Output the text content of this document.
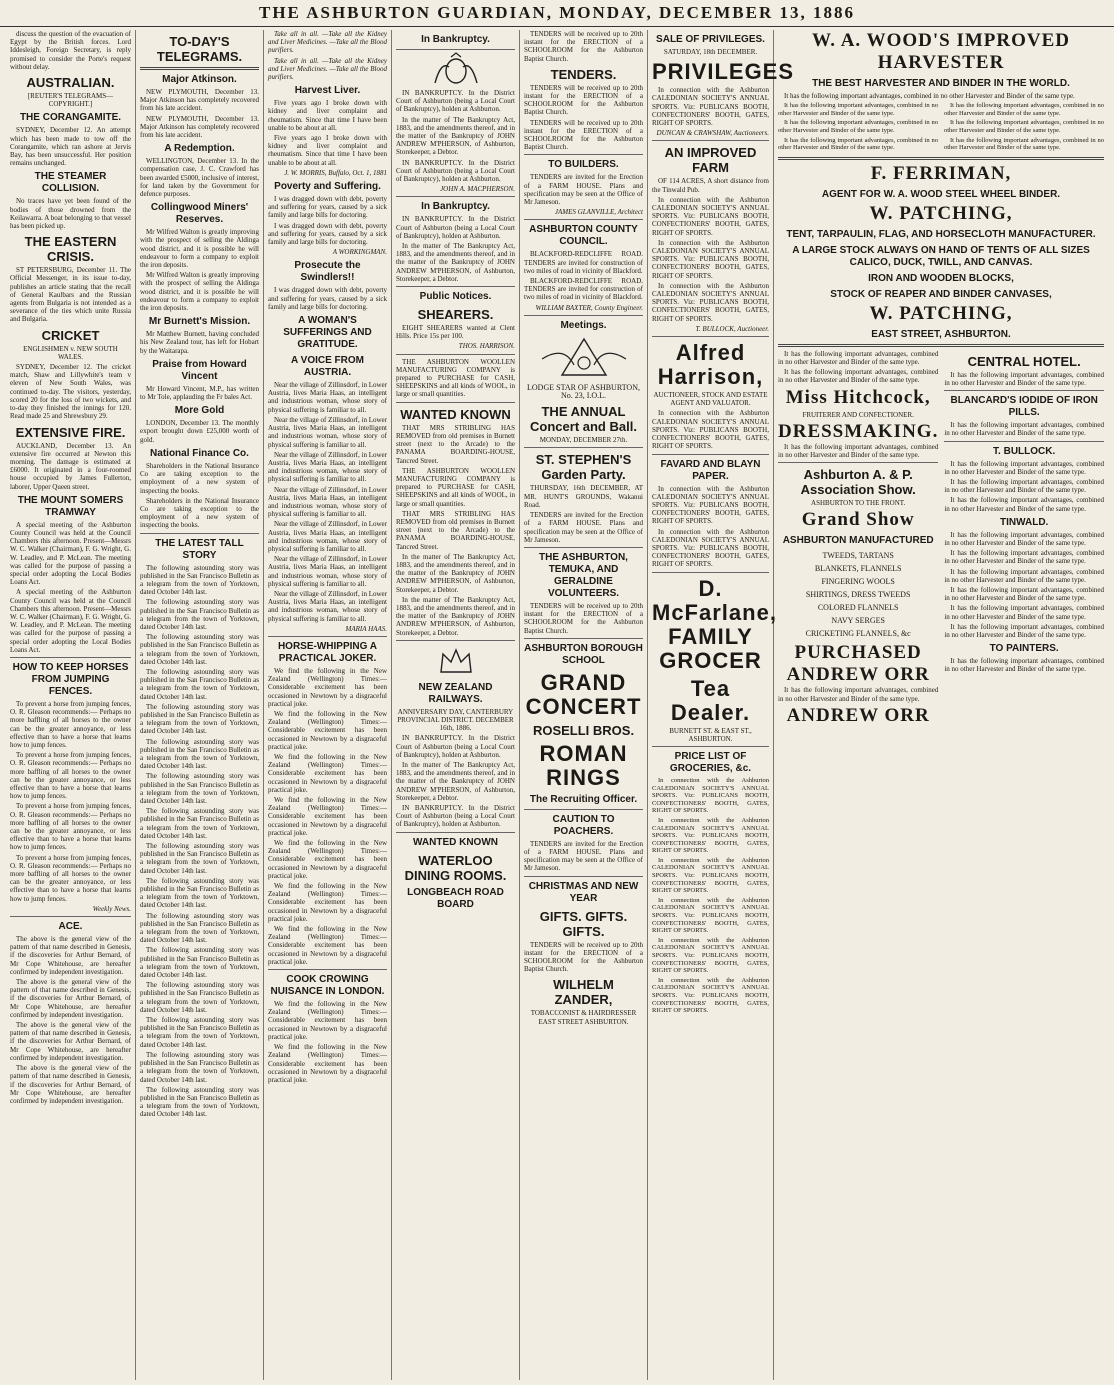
THE ASHBURTON GUARDIAN, MONDAY, DECEMBER 13, 1886

discuss the question of the evacuation of Egypt by the British forces. Lord Iddesleigh, Foreign Secretary, is reply promised to consider the Porte's request without delay.

AUSTRALIAN.
[REUTER'S TELEGRAMS—COPYRIGHT.]
THE CORANGAMITE.

SYDNEY, December 12. An attempt which has been made to tow off the Corangamite, which ran ashore at Jervis Bay, has been unsuccessful. Her position remains unchanged.

THE STEAMER COLLISION.

No traces have yet been found of the bodies of those drowned from the Keilawarra. A boat belonging to that vessel has been picked up.

THE EASTERN CRISIS.

ST PETERSBURG, December 11. The Official Messenger, in its issue to-day, publishes an article stating that the recall of General Kaulbars and the Russian agents from Bulgaria is not intended as a severance of the ties which unite Russia and Bulgaria.

CRICKET
ENGLISHMEN v. NEW SOUTH WALES.

SYDNEY, December 12. The cricket match, Shaw and Lillywhite's team v eleven of New South Wales, was continued to-day. The visitors, yesterday, scored 20 for the loss of two wickets, and to-day they finished the innings for 120. Read made 25 and Shrewsbury 29.

EXTENSIVE FIRE.

AUCKLAND, December 13. An extensive fire occurred at Newton this morning. The damage is estimated at £6000. It originated in a four-roomed house occupied by James Fullerton, laborer, Upper Queen street.

THE MOUNT SOMERS TRAMWAY

A special meeting of the Ashburton County Council was held at the Council Chambers this afternoon. Present—Messrs W. C. Walker (Chairman), F. G. Wright, G. W. Leadley, and P. McLean. The meeting was called for the purpose of passing a special order adopting the Local Bodies Loans Act.

A special meeting of the Ashburton County Council was held at the Council Chambers this afternoon. Present—Messrs W. C. Walker (Chairman), F. G. Wright, G. W. Leadley, and P. McLean. The meeting was called for the purpose of passing a special order adopting the Local Bodies Loans Act.

HOW TO KEEP HORSES FROM JUMPING FENCES.

To prevent a horse from jumping fences, O. R. Gleason recommends:— Perhaps no more baffling of all horses to the owner can be the greater annoyance, or less effective than to have a horse that learns how to jump fences.

To prevent a horse from jumping fences, O. R. Gleason recommends:— Perhaps no more baffling of all horses to the owner can be the greater annoyance, or less effective than to have a horse that learns how to jump fences.

To prevent a horse from jumping fences, O. R. Gleason recommends:— Perhaps no more baffling of all horses to the owner can be the greater annoyance, or less effective than to have a horse that learns how to jump fences.

To prevent a horse from jumping fences, O. R. Gleason recommends:— Perhaps no more baffling of all horses to the owner can be the greater annoyance, or less effective than to have a horse that learns how to jump fences.

Weekly News.
ACE.

The above is the general view of the pattern of that name described in Genesis, if the discoveries for Arthur Bernard, of Mr Cope Whitehouse, are hereafter confirmed by independent investigation.

The above is the general view of the pattern of that name described in Genesis, if the discoveries for Arthur Bernard, of Mr Cope Whitehouse, are hereafter confirmed by independent investigation.

The above is the general view of the pattern of that name described in Genesis, if the discoveries for Arthur Bernard, of Mr Cope Whitehouse, are hereafter confirmed by independent investigation.

The above is the general view of the pattern of that name described in Genesis, if the discoveries for Arthur Bernard, of Mr Cope Whitehouse, are hereafter confirmed by independent investigation.

TO-DAY'S TELEGRAMS.
Major Atkinson.

NEW PLYMOUTH, December 13. Major Atkinson has completely recovered from his late accident.

NEW PLYMOUTH, December 13. Major Atkinson has completely recovered from his late accident.

A Redemption.

WELLINGTON, December 13. In the compensation case, J. C. Crawford has been awarded £5000, inclusive of interest, for land taken by the Government for defence purposes.

Collingwood Miners' Reserves.

Mr Wilfred Walton is greatly improving with the prospect of selling the Aldinga wood district, and it is possible he will endeavour to form a company to exploit the iron deposits.

Mr Wilfred Walton is greatly improving with the prospect of selling the Aldinga wood district, and it is possible he will endeavour to form a company to exploit the iron deposits.

Mr Burnett's Mission.

Mr Matthew Burnett, having concluded his New Zealand tour, has left for Hobart by the Waitarapa.

Praise from Howard Vincent

Mr Howard Vincent, M.P., has written to Mr Tole, applauding the Fr bales Act.

More Gold

LONDON, December 13. The monthly export brought down £25,000 worth of gold.

National Finance Co.

Shareholders in the National Insurance Co are taking exception to the employment of a new system of inspecting the books.

Shareholders in the National Insurance Co are taking exception to the employment of a new system of inspecting the books.

THE LATEST TALL STORY

The following astounding story was published in the San Francisco Bulletin as a telegram from the town of Yorktown, dated October 14th last.

The following astounding story was published in the San Francisco Bulletin as a telegram from the town of Yorktown, dated October 14th last.

The following astounding story was published in the San Francisco Bulletin as a telegram from the town of Yorktown, dated October 14th last.

The following astounding story was published in the San Francisco Bulletin as a telegram from the town of Yorktown, dated October 14th last.

The following astounding story was published in the San Francisco Bulletin as a telegram from the town of Yorktown, dated October 14th last.

The following astounding story was published in the San Francisco Bulletin as a telegram from the town of Yorktown, dated October 14th last.

The following astounding story was published in the San Francisco Bulletin as a telegram from the town of Yorktown, dated October 14th last.

The following astounding story was published in the San Francisco Bulletin as a telegram from the town of Yorktown, dated October 14th last.

The following astounding story was published in the San Francisco Bulletin as a telegram from the town of Yorktown, dated October 14th last.

The following astounding story was published in the San Francisco Bulletin as a telegram from the town of Yorktown, dated October 14th last.

The following astounding story was published in the San Francisco Bulletin as a telegram from the town of Yorktown, dated October 14th last.

The following astounding story was published in the San Francisco Bulletin as a telegram from the town of Yorktown, dated October 14th last.

The following astounding story was published in the San Francisco Bulletin as a telegram from the town of Yorktown, dated October 14th last.

The following astounding story was published in the San Francisco Bulletin as a telegram from the town of Yorktown, dated October 14th last.

The following astounding story was published in the San Francisco Bulletin as a telegram from the town of Yorktown, dated October 14th last.

The following astounding story was published in the San Francisco Bulletin as a telegram from the town of Yorktown, dated October 14th last.

Take all in all. —Take all the Kidney and Liver Medicines. —Take all the Blood purifiers.

Take all in all. —Take all the Kidney and Liver Medicines. —Take all the Blood purifiers.

Harvest Liver.

Five years ago I broke down with kidney and liver complaint and rheumatism. Since that time I have been unable to be about at all.

Five years ago I broke down with kidney and liver complaint and rheumatism. Since that time I have been unable to be about at all.

J. W. MORRIS, Buffalo, Oct. 1, 1881
Poverty and Suffering.

I was dragged down with debt, poverty and suffering for years, caused by a sick family and large bills for doctoring.

I was dragged down with debt, poverty and suffering for years, caused by a sick family and large bills for doctoring.

A WORKINGMAN.
Prosecute the Swindlers!!

I was dragged down with debt, poverty and suffering for years, caused by a sick family and large bills for doctoring.

A WOMAN'S SUFFERINGS AND GRATITUDE.
A VOICE FROM AUSTRIA.

Near the village of Zillinsdorf, in Lower Austria, lives Maria Haas, an intelligent and industrious woman, whose story of physical suffering is familiar to all.

Near the village of Zillinsdorf, in Lower Austria, lives Maria Haas, an intelligent and industrious woman, whose story of physical suffering is familiar to all.

Near the village of Zillinsdorf, in Lower Austria, lives Maria Haas, an intelligent and industrious woman, whose story of physical suffering is familiar to all.

Near the village of Zillinsdorf, in Lower Austria, lives Maria Haas, an intelligent and industrious woman, whose story of physical suffering is familiar to all.

Near the village of Zillinsdorf, in Lower Austria, lives Maria Haas, an intelligent and industrious woman, whose story of physical suffering is familiar to all.

Near the village of Zillinsdorf, in Lower Austria, lives Maria Haas, an intelligent and industrious woman, whose story of physical suffering is familiar to all.

Near the village of Zillinsdorf, in Lower Austria, lives Maria Haas, an intelligent and industrious woman, whose story of physical suffering is familiar to all.

MARIA HAAS.
HORSE-WHIPPING A PRACTICAL JOKER.

We find the following in the New Zealand (Wellington) Times:—Considerable excitement has been occasioned in Newtown by a disgraceful practical joke.

We find the following in the New Zealand (Wellington) Times:—Considerable excitement has been occasioned in Newtown by a disgraceful practical joke.

We find the following in the New Zealand (Wellington) Times:—Considerable excitement has been occasioned in Newtown by a disgraceful practical joke.

We find the following in the New Zealand (Wellington) Times:—Considerable excitement has been occasioned in Newtown by a disgraceful practical joke.

We find the following in the New Zealand (Wellington) Times:—Considerable excitement has been occasioned in Newtown by a disgraceful practical joke.

We find the following in the New Zealand (Wellington) Times:—Considerable excitement has been occasioned in Newtown by a disgraceful practical joke.

We find the following in the New Zealand (Wellington) Times:—Considerable excitement has been occasioned in Newtown by a disgraceful practical joke.

COOK CROWING NUISANCE IN LONDON.

We find the following in the New Zealand (Wellington) Times:—Considerable excitement has been occasioned in Newtown by a disgraceful practical joke.

We find the following in the New Zealand (Wellington) Times:—Considerable excitement has been occasioned in Newtown by a disgraceful practical joke.

In Bankruptcy.

IN BANKRUPTCY. In the District Court of Ashburton (being a Local Court of Bankruptcy), holden at Ashburton.

In the matter of The Bankruptcy Act, 1883, and the amendments thereof, and in the matter of the Bankruptcy of JOHN ANDREW M'PHERSON, of Ashburton, Storekeeper, a Debtor.

IN BANKRUPTCY. In the District Court of Ashburton (being a Local Court of Bankruptcy), holden at Ashburton.

JOHN A. MACPHERSON.
In Bankruptcy.

IN BANKRUPTCY. In the District Court of Ashburton (being a Local Court of Bankruptcy), holden at Ashburton.

In the matter of The Bankruptcy Act, 1883, and the amendments thereof, and in the matter of the Bankruptcy of JOHN ANDREW M'PHERSON, of Ashburton, Storekeeper, a Debtor.

Public Notices.
SHEARERS.

EIGHT SHEARERS wanted at Clent Hills. Price 15s per 100.

THOS. HARRISON.

THE ASHBURTON WOOLLEN MANUFACTURING COMPANY is prepared to PURCHASE for CASH, SHEEPSKINS and all kinds of WOOL, in large or small quantities.

WANTED KNOWN

THAT MRS STRIBLING HAS REMOVED from old premises in Burnett street (next to the Arcade) to the PANAMA BOARDING-HOUSE, Tancred Street.

THE ASHBURTON WOOLLEN MANUFACTURING COMPANY is prepared to PURCHASE for CASH, SHEEPSKINS and all kinds of WOOL, in large or small quantities.

THAT MRS STRIBLING HAS REMOVED from old premises in Burnett street (next to the Arcade) to the PANAMA BOARDING-HOUSE, Tancred Street.

In the matter of The Bankruptcy Act, 1883, and the amendments thereof, and in the matter of the Bankruptcy of JOHN ANDREW M'PHERSON, of Ashburton, Storekeeper, a Debtor.

In the matter of The Bankruptcy Act, 1883, and the amendments thereof, and in the matter of the Bankruptcy of JOHN ANDREW M'PHERSON, of Ashburton, Storekeeper, a Debtor.

NEW ZEALAND RAILWAYS.
ANNIVERSARY DAY, CANTERBURY PROVINCIAL DISTRICT. DECEMBER 16th, 1886.

IN BANKRUPTCY. In the District Court of Ashburton (being a Local Court of Bankruptcy), holden at Ashburton.

In the matter of The Bankruptcy Act, 1883, and the amendments thereof, and in the matter of the Bankruptcy of JOHN ANDREW M'PHERSON, of Ashburton, Storekeeper, a Debtor.

IN BANKRUPTCY. In the District Court of Ashburton (being a Local Court of Bankruptcy), holden at Ashburton.

WANTED KNOWN
WATERLOO DINING ROOMS.
LONGBEACH ROAD BOARD

TENDERS will be received up to 20th instant for the ERECTION of a SCHOOLROOM for the Ashburton Baptist Church.

TENDERS.

TENDERS will be received up to 20th instant for the ERECTION of a SCHOOLROOM for the Ashburton Baptist Church.

TENDERS will be received up to 20th instant for the ERECTION of a SCHOOLROOM for the Ashburton Baptist Church.

TO BUILDERS.

TENDERS are invited for the Erection of a FARM HOUSE. Plans and specification may be seen at the Office of Mr Jameson.

JAMES GLANVILLE, Architect
ASHBURTON COUNTY COUNCIL.

BLACKFORD-REDCLIFFE ROAD. TENDERS are invited for construction of two miles of road in vicinity of Blackford.

BLACKFORD-REDCLIFFE ROAD. TENDERS are invited for construction of two miles of road in vicinity of Blackford.

WILLIAM BAXTER, County Engineer.
Meetings.
LODGE STAR OF ASHBURTON, No. 23, I.O.L.
THE ANNUAL Concert and Ball.
MONDAY, DECEMBER 27th.
ST. STEPHEN'S Garden Party.

THURSDAY, 16th DECEMBER, AT MR. HUNT'S GROUNDS, Wakanui Road.

TENDERS are invited for the Erection of a FARM HOUSE. Plans and specification may be seen at the Office of Mr Jameson.

THE ASHBURTON, TEMUKA, AND GERALDINE VOLUNTEERS.

TENDERS will be received up to 20th instant for the ERECTION of a SCHOOLROOM for the Ashburton Baptist Church.

ASHBURTON BOROUGH SCHOOL
GRAND CONCERT
ROSELLI BROS.
ROMAN RINGS
The Recruiting Officer.
CAUTION TO POACHERS.

TENDERS are invited for the Erection of a FARM HOUSE. Plans and specification may be seen at the Office of Mr Jameson.

CHRISTMAS AND NEW YEAR
GIFTS. GIFTS. GIFTS.

TENDERS will be received up to 20th instant for the ERECTION of a SCHOOLROOM for the Ashburton Baptist Church.

WILHELM ZANDER,
TOBACCONIST & HAIRDRESSER EAST STREET ASHBURTON.
SALE OF PRIVILEGES.
SATURDAY, 18th DECEMBER.
PRIVILEGES

In connection with the Ashburton CALEDONIAN SOCIETY'S ANNUAL SPORTS. Viz: PUBLICANS BOOTH, CONFECTIONERS' BOOTH, GATES, RIGHT OF SPORTS.

DUNCAN & CRAWSHAW, Auctioneers.
AN IMPROVED FARM

OF 114 ACRES, A short distance from the Tinwald Pub.

In connection with the Ashburton CALEDONIAN SOCIETY'S ANNUAL SPORTS. Viz: PUBLICANS BOOTH, CONFECTIONERS' BOOTH, GATES, RIGHT OF SPORTS.

In connection with the Ashburton CALEDONIAN SOCIETY'S ANNUAL SPORTS. Viz: PUBLICANS BOOTH, CONFECTIONERS' BOOTH, GATES, RIGHT OF SPORTS.

In connection with the Ashburton CALEDONIAN SOCIETY'S ANNUAL SPORTS. Viz: PUBLICANS BOOTH, CONFECTIONERS' BOOTH, GATES, RIGHT OF SPORTS.

T. BULLOCK, Auctioneer.
Alfred Harrison,
AUCTIONEER, STOCK AND ESTATE AGENT AND VALUATOR.

In connection with the Ashburton CALEDONIAN SOCIETY'S ANNUAL SPORTS. Viz: PUBLICANS BOOTH, CONFECTIONERS' BOOTH, GATES, RIGHT OF SPORTS.

FAVARD AND BLAYN PAPER.

In connection with the Ashburton CALEDONIAN SOCIETY'S ANNUAL SPORTS. Viz: PUBLICANS BOOTH, CONFECTIONERS' BOOTH, GATES, RIGHT OF SPORTS.

In connection with the Ashburton CALEDONIAN SOCIETY'S ANNUAL SPORTS. Viz: PUBLICANS BOOTH, CONFECTIONERS' BOOTH, GATES, RIGHT OF SPORTS.

D. McFarlane, FAMILY GROCER
Tea Dealer.
BURNETT ST. & EAST ST., ASHBURTON.
PRICE LIST OF GROCERIES, &c.

In connection with the Ashburton CALEDONIAN SOCIETY'S ANNUAL SPORTS. Viz: PUBLICANS BOOTH, CONFECTIONERS' BOOTH, GATES, RIGHT OF SPORTS.

In connection with the Ashburton CALEDONIAN SOCIETY'S ANNUAL SPORTS. Viz: PUBLICANS BOOTH, CONFECTIONERS' BOOTH, GATES, RIGHT OF SPORTS.

In connection with the Ashburton CALEDONIAN SOCIETY'S ANNUAL SPORTS. Viz: PUBLICANS BOOTH, CONFECTIONERS' BOOTH, GATES, RIGHT OF SPORTS.

In connection with the Ashburton CALEDONIAN SOCIETY'S ANNUAL SPORTS. Viz: PUBLICANS BOOTH, CONFECTIONERS' BOOTH, GATES, RIGHT OF SPORTS.

In connection with the Ashburton CALEDONIAN SOCIETY'S ANNUAL SPORTS. Viz: PUBLICANS BOOTH, CONFECTIONERS' BOOTH, GATES, RIGHT OF SPORTS.

In connection with the Ashburton CALEDONIAN SOCIETY'S ANNUAL SPORTS. Viz: PUBLICANS BOOTH, CONFECTIONERS' BOOTH, GATES, RIGHT OF SPORTS.

W. A. WOOD'S IMPROVED HARVESTER
THE BEST HARVESTER AND BINDER IN THE WORLD.

It has the following important advantages, combined in no other Harvester and Binder of the same type.

It has the following important advantages, combined in no other Harvester and Binder of the same type.

It has the following important advantages, combined in no other Harvester and Binder of the same type.

It has the following important advantages, combined in no other Harvester and Binder of the same type.

It has the following important advantages, combined in no other Harvester and Binder of the same type.

It has the following important advantages, combined in no other Harvester and Binder of the same type.

It has the following important advantages, combined in no other Harvester and Binder of the same type.

F. FERRIMAN,
AGENT FOR W. A. WOOD STEEL WHEEL BINDER.
W. PATCHING,
TENT, TARPAULIN, FLAG, AND HORSECLOTH MANUFACTURER.
A LARGE STOCK ALWAYS ON HAND OF TENTS OF ALL SIZES CALICO, DUCK, TWILL, AND CANVAS.
IRON AND WOODEN BLOCKS,
STOCK OF REAPER AND BINDER CANVASES,
W. PATCHING,
EAST STREET, ASHBURTON.

It has the following important advantages, combined in no other Harvester and Binder of the same type.

It has the following important advantages, combined in no other Harvester and Binder of the same type.

Miss Hitchcock,
FRUITERER AND CONFECTIONER.
DRESSMAKING.

It has the following important advantages, combined in no other Harvester and Binder of the same type.

Ashburton A. & P. Association Show.
ASHBURTON TO THE FRONT.
Grand Show
ASHBURTON MANUFACTURED
TWEEDS, TARTANS
BLANKETS, FLANNELS
FINGERING WOOLS
SHIRTINGS, DRESS TWEEDS
COLORED FLANNELS
NAVY SERGES
CRICKETING FLANNELS, &c
PURCHASED
ANDREW ORR

It has the following important advantages, combined in no other Harvester and Binder of the same type.

ANDREW ORR
CENTRAL HOTEL.

It has the following important advantages, combined in no other Harvester and Binder of the same type.

BLANCARD'S IODIDE OF IRON PILLS.

It has the following important advantages, combined in no other Harvester and Binder of the same type.

T. BULLOCK.

It has the following important advantages, combined in no other Harvester and Binder of the same type.

It has the following important advantages, combined in no other Harvester and Binder of the same type.

It has the following important advantages, combined in no other Harvester and Binder of the same type.

TINWALD.

It has the following important advantages, combined in no other Harvester and Binder of the same type.

It has the following important advantages, combined in no other Harvester and Binder of the same type.

It has the following important advantages, combined in no other Harvester and Binder of the same type.

It has the following important advantages, combined in no other Harvester and Binder of the same type.

It has the following important advantages, combined in no other Harvester and Binder of the same type.

It has the following important advantages, combined in no other Harvester and Binder of the same type.

TO PAINTERS.

It has the following important advantages, combined in no other Harvester and Binder of the same type.
